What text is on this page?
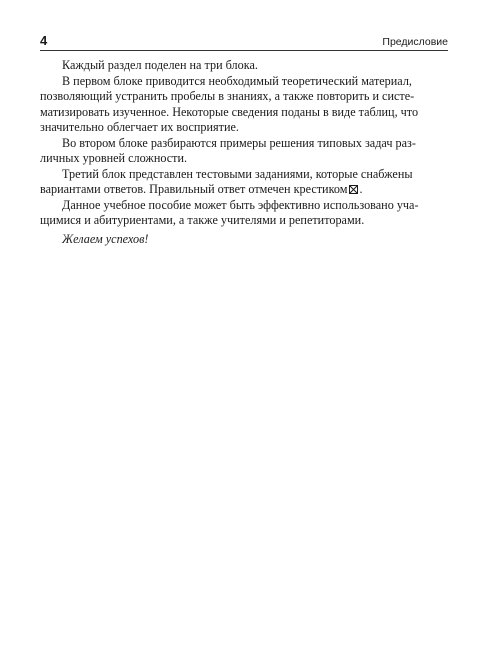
4	Предисловие

Каждый раздел поделен на три блока.

В первом блоке приводится необходимый теоретический материал,
позволяющий устранить пробелы в знаниях, а также повторить и систе-
матизировать изученное. Некоторые сведения поданы в виде таблиц, что
значительно облегчает их восприятие.

Во втором блоке разбираются примеры решения типовых задач раз-
личных уровней сложности.

Третий блок представлен тестовыми заданиями, которые снабжены
вариантами ответов. Правильный ответ отмечен крестиком .

Данное учебное пособие может быть эффективно использовано уча-
щимися и абитуриентами, а также учителями и репетиторами.

Желаем успехов!
